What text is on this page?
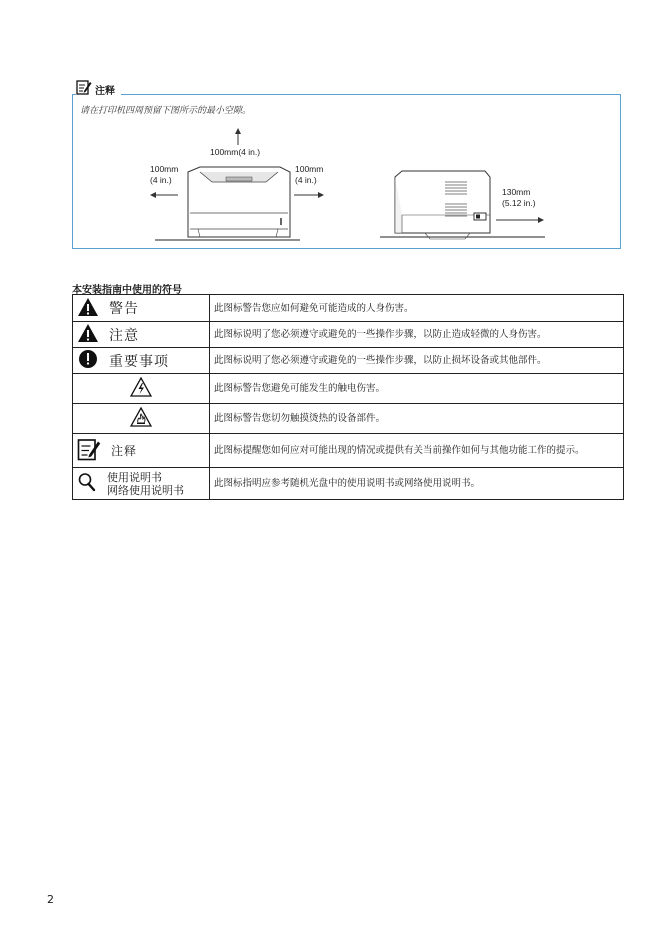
注释
请在打印机四周预留下图所示的最小空隙。
100mm(4 in.)
100mm
(4 in.)
100mm
(4 in.)
130mm
(5.12 in.)
本安装指南中使用的符号
警告	此图标警告您应如何避免可能造成的人身伤害。

注意	此图标说明了您必须遵守或避免的一些操作步骤，以防止造成轻微的人身伤害。

重要事项	此图标说明了您必须遵守或避免的一些操作步骤，以防止损坏设备或其他部件。

	此图标警告您避免可能发生的触电伤害。

	此图标警告您切勿触摸烫热的设备部件。

注释	此图标提醒您如何应对可能出现的情况或提供有关当前操作如何与其他功能工作的提示。

使用说明书
网络使用说明书	此图标指明应参考随机光盘中的使用说明书或网络使用说明书。
2
